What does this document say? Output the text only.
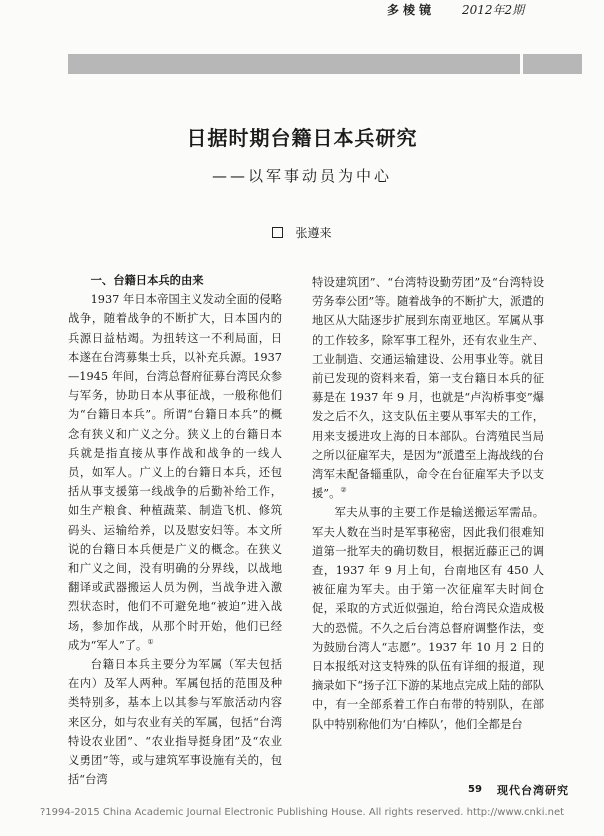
多棱镜	2012年2期
日据时期台籍日本兵研究
——以军事动员为中心
张遵来
一、台籍日本兵的由来

1937 年日本帝国主义发动全面的侵略战争，随着战争的不断扩大，日本国内的兵源日益枯竭。为扭转这一不利局面，日本遂在台湾募集士兵，以补充兵源。1937—1945 年间，台湾总督府征募台湾民众参与军务，协助日本从事征战，一般称他们为“台籍日本兵”。所谓“台籍日本兵”的概念有狭义和广义之分。狭义上的台籍日本兵就是指直接从事作战和战争的一线人员，如军人。广义上的台籍日本兵，还包括从事支援第一线战争的后勤补给工作，如生产粮食、种植蔬菜、制造飞机、修筑码头、运输给养，以及慰安妇等。本文所说的台籍日本兵便是广义的概念。在狭义和广义之间，没有明确的分界线，以战地翻译或武器搬运人员为例，当战争进入激烈状态时，他们不可避免地“被迫”进入战场，参加作战，从那个时开始，他们已经成为“军人”了。①

台籍日本兵主要分为军属（军夫包括在内）及军人两种。军属包括的范围及种类特别多，基本上以其参与军旅活动内容来区分，如与农业有关的军属，包括“台湾特设农业团”、“农业指导挺身团”及“农业义勇团”等，或与建筑军事设施有关的，包括“台湾

特设建筑团”、“台湾特设勤劳团”及“台湾特设劳务奉公团”等。随着战争的不断扩大，派遣的地区从大陆逐步扩展到东南亚地区。军属从事的工作较多，除军事工程外，还有农业生产、工业制造、交通运输建设、公用事业等。就目前已发现的资料来看，第一支台籍日本兵的征募是在 1937 年 9 月，也就是“卢沟桥事变”爆发之后不久，这支队伍主要从事军夫的工作，用来支援进攻上海的日本部队。台湾殖民当局之所以征雇军夫，是因为“派遣至上海战线的台湾军未配备辎重队，命令在台征雇军夫予以支援”。②

军夫从事的主要工作是输送搬运军需品。军夫人数在当时是军事秘密，因此我们很难知道第一批军夫的确切数目，根据近藤正己的调查，1937 年 9 月上旬，台南地区有 450 人被征雇为军夫。由于第一次征雇军夫时间仓促，采取的方式近似强迫，给台湾民众造成极大的恐慌。不久之后台湾总督府调整作法，变为鼓励台湾人“志愿”。1937 年 10 月 2 日的日本报纸对这支特殊的队伍有详细的报道，现摘录如下“扬子江下游的某地点完成上陆的部队中，有一全部系着工作白布带的特别队，在部队中特别称他们为‘白棒队’，他们全都是台

59 现代台湾研究
?1994-2015 China Academic Journal Electronic Publishing House. All rights reserved. http://www.cnki.net
